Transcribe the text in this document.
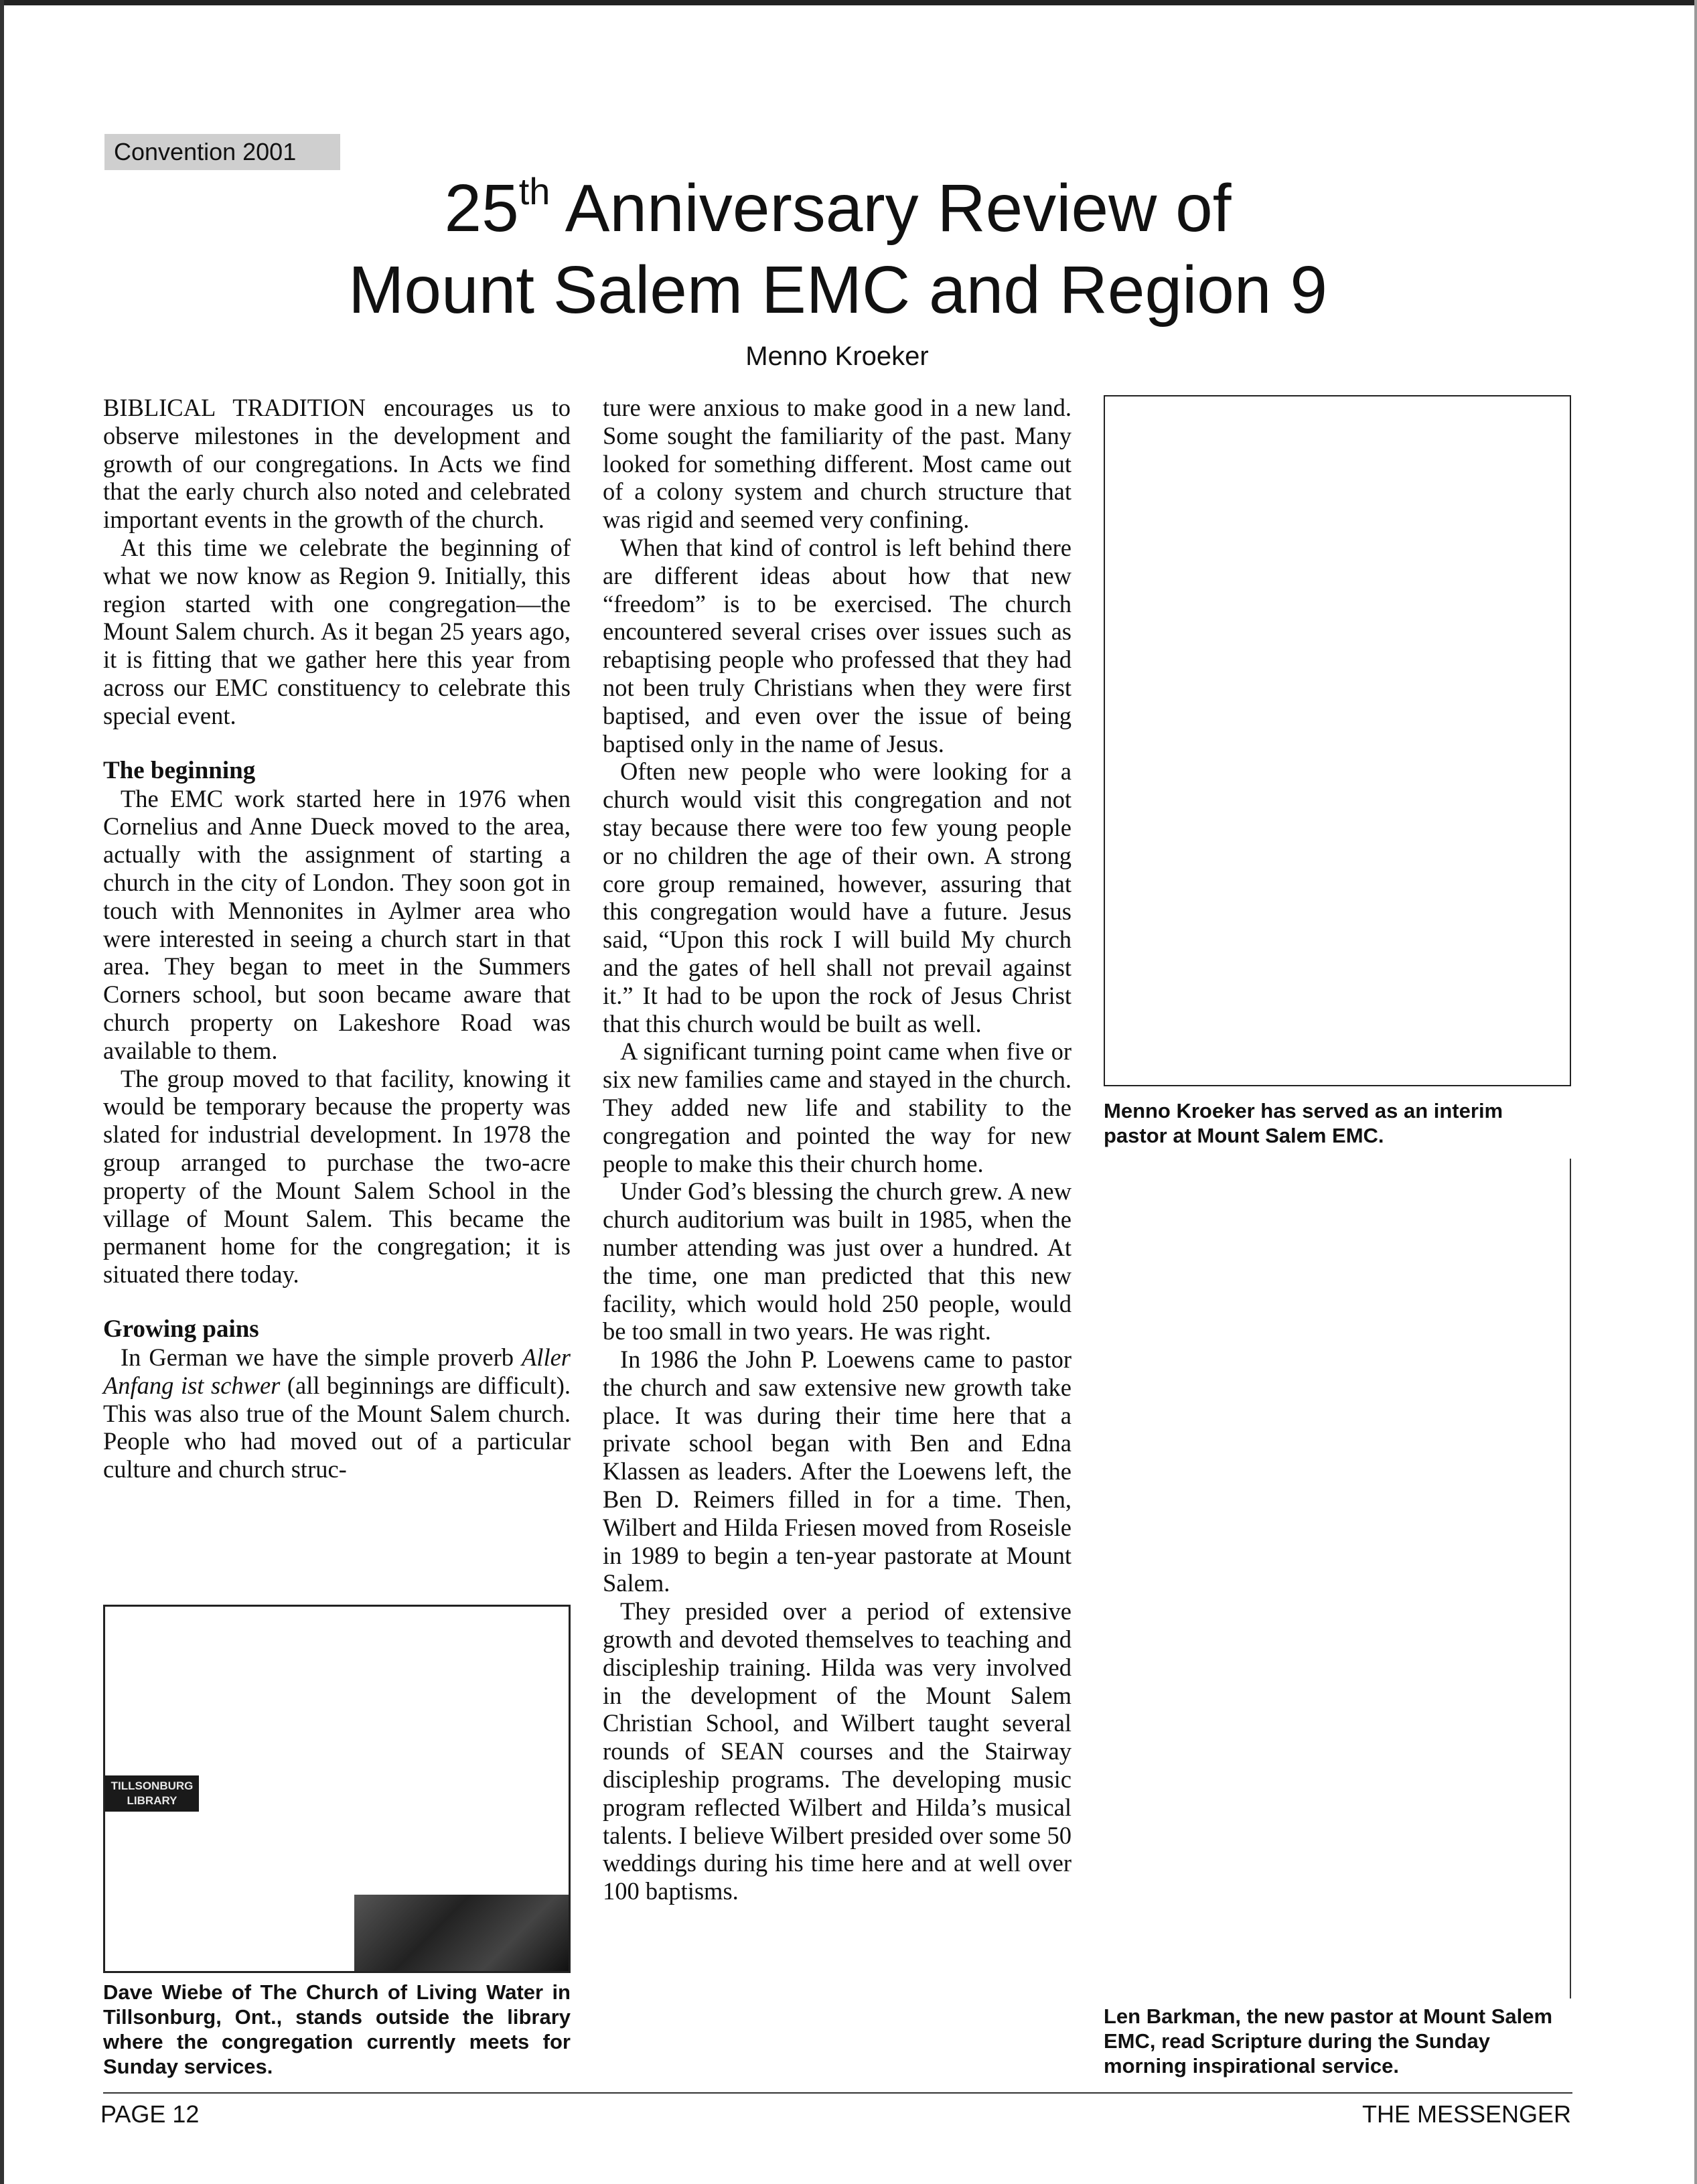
Convention 2001
25th Anniversary Review of
Mount Salem EMC and Region 9
Menno Kroeker

BIBLICAL TRADITION encourages us to observe milestones in the development and growth of our congregations. In Acts we find that the early church also noted and celebrated important events in the growth of the church.

At this time we celebrate the beginning of what we now know as Region 9. Initially, this region started with one congregation—the Mount Salem church. As it began 25 years ago, it is fitting that we gather here this year from across our EMC constituency to celebrate this special event.

The beginning

The EMC work started here in 1976 when Cornelius and Anne Dueck moved to the area, actually with the assignment of starting a church in the city of London. They soon got in touch with Mennonites in Aylmer area who were interested in seeing a church start in that area. They began to meet in the Summers Corners school, but soon became aware that church property on Lakeshore Road was available to them.

The group moved to that facility, knowing it would be temporary because the property was slated for industrial development. In 1978 the group arranged to purchase the two-acre property of the Mount Salem School in the village of Mount Salem. This became the permanent home for the congregation; it is situated there today.

Growing pains

In German we have the simple proverb Aller Anfang ist schwer (all beginnings are difficult). This was also true of the Mount Salem church. People who had moved out of a particular culture and church struc-

TILLSONBURG LIBRARY
Dave Wiebe of The Church of Living Water in Tillsonburg, Ont., stands outside the library where the congregation currently meets for Sunday services.

ture were anxious to make good in a new land. Some sought the familiarity of the past. Many looked for something different. Most came out of a colony system and church structure that was rigid and seemed very confining.

When that kind of control is left behind there are different ideas about how that new “freedom” is to be exercised. The church encountered several crises over issues such as rebaptising people who professed that they had not been truly Christians when they were first baptised, and even over the issue of being baptised only in the name of Jesus.

Often new people who were looking for a church would visit this congregation and not stay because there were too few young people or no children the age of their own. A strong core group remained, however, assuring that this congregation would have a future. Jesus said, “Upon this rock I will build My church and the gates of hell shall not prevail against it.” It had to be upon the rock of Jesus Christ that this church would be built as well.

A significant turning point came when five or six new families came and stayed in the church. They added new life and stability to the congregation and pointed the way for new people to make this their church home.

Under God’s blessing the church grew. A new church auditorium was built in 1985, when the number attending was just over a hundred. At the time, one man predicted that this new facility, which would hold 250 people, would be too small in two years. He was right.

In 1986 the John P. Loewens came to pastor the church and saw extensive new growth take place. It was during their time here that a private school began with Ben and Edna Klassen as leaders. After the Loewens left, the Ben D. Reimers filled in for a time. Then, Wilbert and Hilda Friesen moved from Roseisle in 1989 to begin a ten-year pastorate at Mount Salem.

They presided over a period of extensive growth and devoted themselves to teaching and discipleship training. Hilda was very involved in the development of the Mount Salem Christian School, and Wilbert taught several rounds of SEAN courses and the Stairway discipleship programs. The developing music program reflected Wilbert and Hilda’s musical talents. I believe Wilbert presided over some 50 weddings during his time here and at well over 100 baptisms.

Menno Kroeker has served as an interim pastor at Mount Salem EMC.
Len Barkman, the new pastor at Mount Salem EMC, read Scripture during the Sunday morning inspirational service.
PAGE 12	THE MESSENGER
